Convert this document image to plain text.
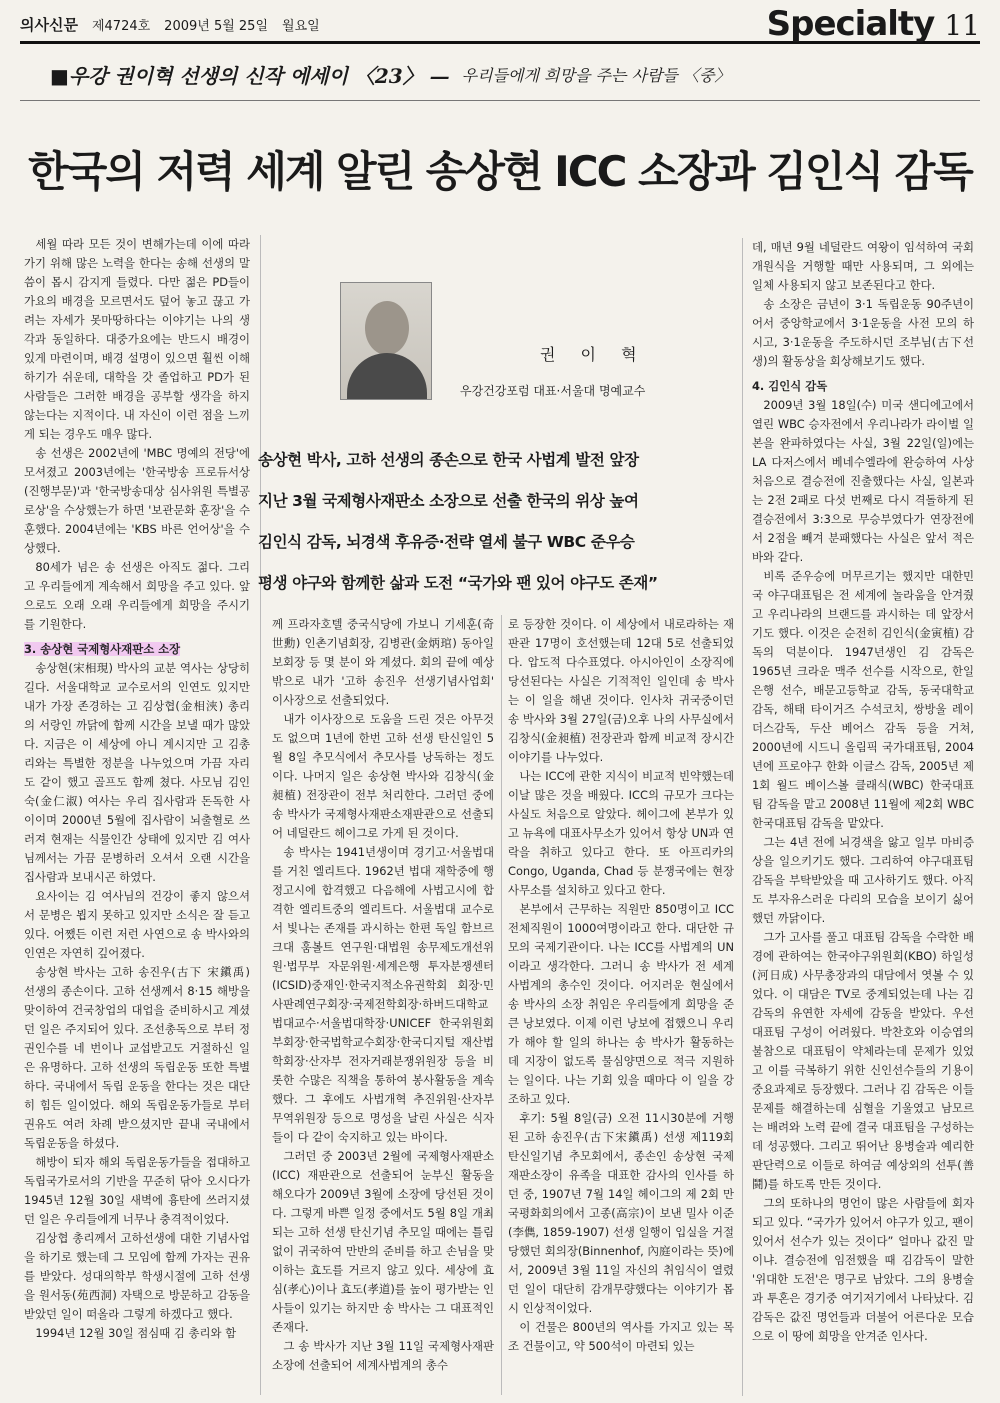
의사신문 제4724호 2009년 5월 25일 월요일	Specialty 11
■우강 권이혁 선생의 신작 에세이 〈23〉 — 우리들에게 희망을 주는 사람들 〈중〉
한국의 저력 세계 알린 송상현 ICC 소장과 김인식 감독

세월 따라 모든 것이 변해가는데 이에 따라가기 위해 많은 노력을 한다는 송해 선생의 말씀이 몹시 감지게 들렸다. 다만 젊은 PD들이 가요의 배경을 모르면서도 덮어 놓고 끊고 가려는 자세가 못마땅하다는 이야기는 나의 생각과 동일하다. 대중가요에는 반드시 배경이 있게 마련이며, 배경 설명이 있으면 훨씬 이해하기가 쉬운데, 대학을 갓 졸업하고 PD가 된 사람들은 그러한 배경을 공부할 생각을 하지 않는다는 지적이다. 내 자신이 이런 점을 느끼게 되는 경우도 매우 많다.

송 선생은 2002년에 'MBC 명예의 전당'에 모셔졌고 2003년에는 '한국방송 프로듀서상(진행부문)'과 '한국방송대상 심사위원 특별공로상'을 수상했는가 하면 '보관문화 훈장'을 수훈했다. 2004년에는 'KBS 바른 언어상'을 수상했다.

80세가 넘은 송 선생은 아직도 젊다. 그리고 우리들에게 계속해서 희망을 주고 있다. 앞으로도 오래 오래 우리들에게 희망을 주시기를 기원한다.

3. 송상현 국제형사재판소 소장

송상현(宋相現) 박사의 교분 역사는 상당히 길다. 서울대학교 교수로서의 인연도 있지만 내가 가장 존경하는 고 김상협(金相浹) 총리의 서랑인 까닭에 함께 시간을 보낼 때가 많았다. 지금은 이 세상에 아니 계시지만 고 김총리와는 특별한 정분을 나누었으며 가끔 자리도 같이 했고 골프도 함께 쳤다. 사모님 김인숙(金仁淑) 여사는 우리 집사람과 돈독한 사이이며 2000년 5월에 집사람이 뇌출혈로 쓰러져 현재는 식물인간 상태에 있지만 김 여사님께서는 가끔 문병하러 오셔서 오랜 시간을 집사람과 보내시곤 하였다.

요사이는 김 여사님의 건강이 좋지 않으셔서 문병은 뵙지 못하고 있지만 소식은 잘 듣고 있다. 어쨌든 이런 저런 사연으로 송 박사와의 인연은 자연히 깊어졌다.

송상현 박사는 고하 송진우(古下 宋鎭禹) 선생의 종손이다. 고하 선생께서 8·15 해방을 맞이하여 건국창업의 대업을 준비하시고 계셨던 일은 주지되어 있다. 조선총독으로 부터 정권인수를 네 번이나 교섭받고도 거절하신 일은 유명하다. 고하 선생의 독립운동 또한 특별하다. 국내에서 독립 운동을 한다는 것은 대단히 힘든 일이었다. 해외 독립운동가들로 부터 권유도 여러 차례 받으셨지만 끝내 국내에서 독립운동을 하셨다.

해방이 되자 해외 독립운동가들을 접대하고 독립국가로서의 기반을 꾸준히 닦아 오시다가 1945년 12월 30일 새벽에 흉탄에 쓰러지셨던 일은 우리들에게 너무나 충격적이었다.

김상협 총리께서 고하선생에 대한 기념사업을 하기로 했는데 그 모임에 함께 가자는 권유를 받았다. 성대의학부 학생시절에 고하 선생을 원서동(苑西洞) 자택으로 방문하고 감동을 받았던 일이 떠올라 그렇게 하겠다고 했다.

1994년 12월 30일 점심때 김 총리와 함

권 이 혁
우강건강포럼 대표·서울대 명예교수
송상현 박사, 고하 선생의 종손으로 한국 사법계 발전 앞장
지난 3월 국제형사재판소 소장으로 선출 한국의 위상 높여
김인식 감독, 뇌경색 후유증·전략 열세 불구 WBC 준우승
평생 야구와 함께한 삶과 도전 “국가와 팬 있어 야구도 존재”

께 프라자호텔 중국식당에 가보니 기세훈(奇世勳) 인촌기념회장, 김병관(金炳琯) 동아일보회장 등 몇 분이 와 계셨다. 회의 끝에 예상밖으로 내가 '고하 송진우 선생기념사업회' 이사장으로 선출되었다.

내가 이사장으로 도움을 드린 것은 아무것도 없으며 1년에 한번 고하 선생 탄신일인 5월 8일 추모식에서 추모사를 낭독하는 정도이다. 나머지 일은 송상현 박사와 김창식(金昶植) 전장관이 전부 처리한다. 그러던 중에 송 박사가 국제형사재판소재판관으로 선출되어 네덜란드 헤이그로 가게 된 것이다.

송 박사는 1941년생이며 경기고·서울법대를 거친 엘리트다. 1962년 법대 재학중에 행정고시에 합격했고 다음해에 사법고시에 합격한 엘리트중의 엘리트다. 서울법대 교수로서 빛나는 존재를 과시하는 한편 독일 함브르크대 훔볼트 연구원·대법원 송무제도개선위원·법무부 자문위원·세계은행 투자분쟁센터(ICSID)중재인·한국지적소유권학회 회장·민사판례연구회장·국제전학회장·하버드대학교 법대교수·서울법대학장·UNICEF 한국위원회 부회장·한국법학교수회장·한국디지털 재산법학회장·산자부 전자거래분쟁위원장 등을 비롯한 수많은 직책을 통하여 봉사활동을 계속했다. 그 후에도 사법개혁 추진위원·산자부 무역위원장 등으로 명성을 날린 사실은 식자들이 다 같이 숙지하고 있는 바이다.

그러던 중 2003년 2월에 국제형사재판소(ICC) 재판관으로 선출되어 눈부신 활동을 해오다가 2009년 3월에 소장에 당선된 것이다. 그렇게 바쁜 일정 중에서도 5월 8일 개최되는 고하 선생 탄신기념 추모일 때에는 틀림없이 귀국하여 만반의 준비를 하고 손님을 맞이하는 효도를 거르지 않고 있다. 세상에 효심(孝心)이나 효도(孝道)를 높이 평가받는 인사들이 있기는 하지만 송 박사는 그 대표적인 존재다.

그 송 박사가 지난 3월 11일 국제형사재판소장에 선출되어 세계사법계의 총수

로 등장한 것이다. 이 세상에서 내로라하는 재판관 17명이 호선했는데 12대 5로 선출되었다. 압도적 다수표였다. 아시아인이 소장직에 당선된다는 사실은 기적적인 일인데 송 박사는 이 일을 해낸 것이다. 인사차 귀국중이던 송 박사와 3월 27일(금)오후 나의 사무실에서 김창식(金昶植) 전장관과 함께 비교적 장시간 이야기를 나누었다.

나는 ICC에 관한 지식이 비교적 빈약했는데 이날 많은 것을 배웠다. ICC의 규모가 크다는 사실도 처음으로 알았다. 헤이그에 본부가 있고 뉴욕에 대표사무소가 있어서 항상 UN과 연락을 취하고 있다고 한다. 또 아프리카의 Congo, Uganda, Chad 등 분쟁국에는 현장사무소를 설치하고 있다고 한다.

본부에서 근무하는 직원만 850명이고 ICC 전체직원이 1000여명이라고 한다. 대단한 규모의 국제기관이다. 나는 ICC를 사법계의 UN이라고 생각한다. 그러니 송 박사가 전 세계 사법계의 총수인 것이다. 어지러운 현실에서 송 박사의 소장 취임은 우리들에게 희망을 준 큰 낭보였다. 이제 이런 낭보에 접했으니 우리가 해야 할 일의 하나는 송 박사가 활동하는 데 지장이 없도록 물심양면으로 적극 지원하는 일이다. 나는 기회 있을 때마다 이 일을 강조하고 있다.

후기: 5월 8일(금) 오전 11시30분에 거행된 고하 송진우(古下宋鎭禹) 선생 제119회 탄신일기념 추모회에서, 종손인 송상현 국제재판소장이 유족을 대표한 감사의 인사를 하던 중, 1907년 7월 14일 헤이그의 제 2회 만국평화회의에서 고종(高宗)이 보낸 밀사 이준(李儁, 1859-1907) 선생 일행이 입실을 거절당했던 회의장(Binnenhof, 內庭이라는 뜻)에서, 2009년 3월 11일 자신의 취임식이 열렸던 일이 대단히 감개무량했다는 이야기가 몹시 인상적이었다.

이 건물은 800년의 역사를 가지고 있는 목조 건물이고, 약 500석이 마련되 있는

데, 매년 9월 네덜란드 여왕이 임석하여 국회 개원식을 거행할 때만 사용되며, 그 외에는 일체 사용되지 않고 보존된다고 한다.

송 소장은 금년이 3·1 독립운동 90주년이어서 중앙학교에서 3·1운동을 사전 모의 하시고, 3·1운동을 주도하시던 조부님(古下선생)의 활동상을 회상해보기도 했다.

4. 김인식 감독

2009년 3월 18일(수) 미국 샌디에고에서 열린 WBC 승자전에서 우리나라가 라이벌 일본을 완파하였다는 사실, 3월 22일(일)에는 LA 다저스에서 베네수엘라에 완승하여 사상 처음으로 결승전에 진출했다는 사실, 일본과는 2전 2패로 다섯 번째로 다시 격돌하게 된 결승전에서 3:3으로 무승부였다가 연장전에서 2점을 빼겨 분패했다는 사실은 앞서 적은 바와 같다.

비록 준우승에 머무르기는 했지만 대한민국 야구대표팀은 전 세계에 놀라움을 안겨줬고 우리나라의 브랜드를 과시하는 데 앞장서기도 했다. 이것은 순전히 김인식(金寅植) 감독의 덕분이다. 1947년생인 김 감독은 1965년 크라운 맥주 선수를 시작으로, 한일은행 선수, 배문고등학교 감독, 동국대학교 감독, 해태 타이거즈 수석코치, 쌍방울 레이더스감독, 두산 베어스 감독 등을 거쳐, 2000년에 시드니 올림픽 국가대표팀, 2004년에 프로야구 한화 이글스 감독, 2005년 제1회 월드 베이스볼 클래식(WBC) 한국대표팀 감독을 맡고 2008년 11월에 제2회 WBC 한국대표팀 감독을 맡았다.

그는 4년 전에 뇌경색을 앓고 일부 마비증상을 일으키기도 했다. 그리하여 야구대표팀 감독을 부탁받았을 때 고사하기도 했다. 아직도 부자유스러운 다리의 모습을 보이기 싫어했던 까닭이다.

그가 고사를 풀고 대표팀 감독을 수락한 배경에 관하여는 한국야구위원회(KBO) 하일성(河日成) 사무총장과의 대담에서 엿볼 수 있었다. 이 대담은 TV로 중계되었는데 나는 김감독의 유연한 자세에 감동을 받았다. 우선 대표팀 구성이 어려웠다. 박찬호와 이승엽의 불참으로 대표팀이 약체라는데 문제가 있었고 이를 극복하기 위한 신인선수들의 기용이 중요과제로 등장했다. 그러나 김 감독은 이들 문제를 해결하는데 심혈을 기울였고 남모르는 배려와 노력 끝에 결국 대표팀을 구성하는데 성공했다. 그리고 뛰어난 용병술과 예리한 판단력으로 이들로 하여금 예상외의 선투(善鬪)를 하도록 만든 것이다.

그의 또하나의 명언이 많은 사람들에 회자되고 있다. “국가가 있어서 야구가 있고, 팬이 있어서 선수가 있는 것이다” 얼마나 값진 말이냐. 결승전에 임전했을 때 김감독이 말한 '위대한 도전'은 명구로 남았다. 그의 용병술과 투혼은 경기중 여기저기에서 나타났다. 김감독은 값진 명언들과 더불어 어른다운 모습으로 이 땅에 희망을 안겨준 인사다.
